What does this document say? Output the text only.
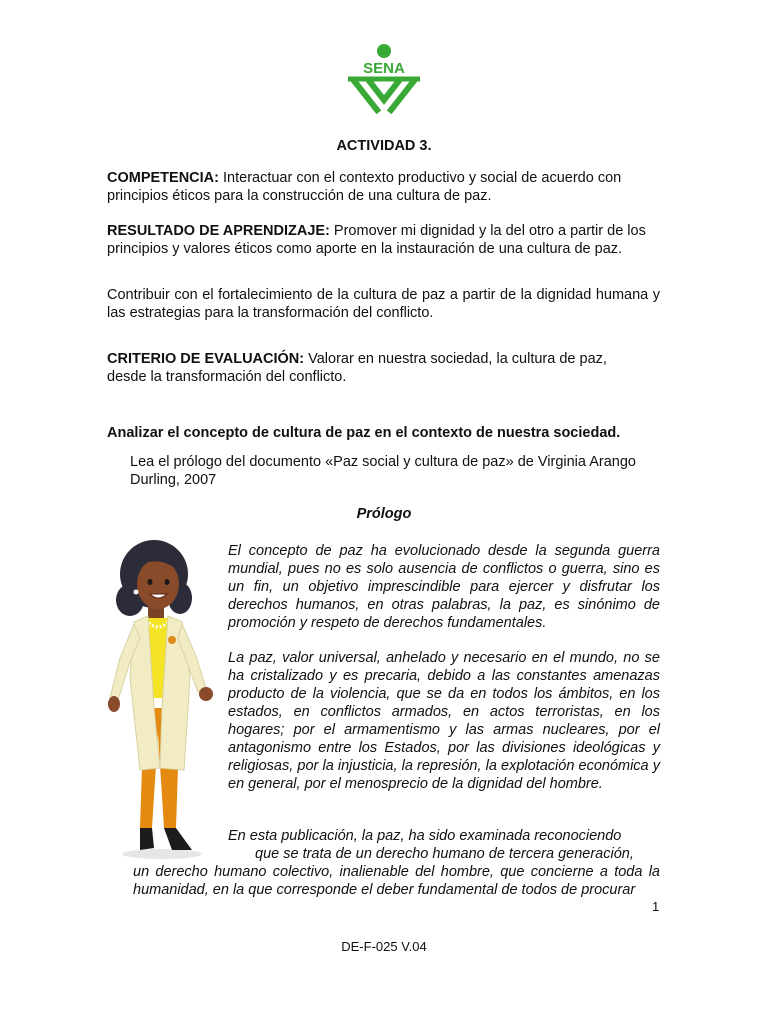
SENA
ACTIVIDAD 3.
COMPETENCIA: Interactuar con el contexto productivo y social de acuerdo con principios éticos para la construcción de una cultura de paz.
RESULTADO DE APRENDIZAJE: Promover mi dignidad y la del otro a partir de los principios y valores éticos como aporte en la instauración de una cultura de paz.
Contribuir con el fortalecimiento de la cultura de paz a partir de la dignidad humana y las estrategias para la transformación del conflicto.
CRITERIO DE EVALUACIÓN: Valorar en nuestra sociedad, la cultura de paz, desde la transformación del conflicto.
Analizar el concepto de cultura de paz en el contexto de nuestra sociedad.
Lea el prólogo del documento «Paz social y cultura de paz» de Virginia Arango Durling, 2007
Prólogo
El concepto de paz ha evolucionado desde la segunda guerra mundial, pues no es solo ausencia de conflictos o guerra, sino es un fin, un objetivo imprescindible para ejercer y disfrutar los derechos humanos, en otras palabras, la paz, es sinónimo de promoción y respeto de derechos fundamentales.
La paz, valor universal, anhelado y necesario en el mundo, no se ha cristalizado y es precaria, debido a las constantes amenazas producto de la violencia, que se da en todos los ámbitos, en los estados, en conflictos armados, en actos terroristas, en los hogares; por el armamentismo y las armas nucleares, por el antagonismo entre los Estados, por las divisiones ideológicas y religiosas, por la injusticia, la represión, la explotación económica y en general, por el menosprecio de la dignidad del hombre.
En esta publicación, la paz, ha sido examinada reconociendo
que se trata de un derecho humano de tercera generación,
un derecho humano colectivo, inalienable del hombre, que concierne a toda la humanidad, en la que corresponde el deber fundamental de todos de procurar
1
DE-F-025 V.04
